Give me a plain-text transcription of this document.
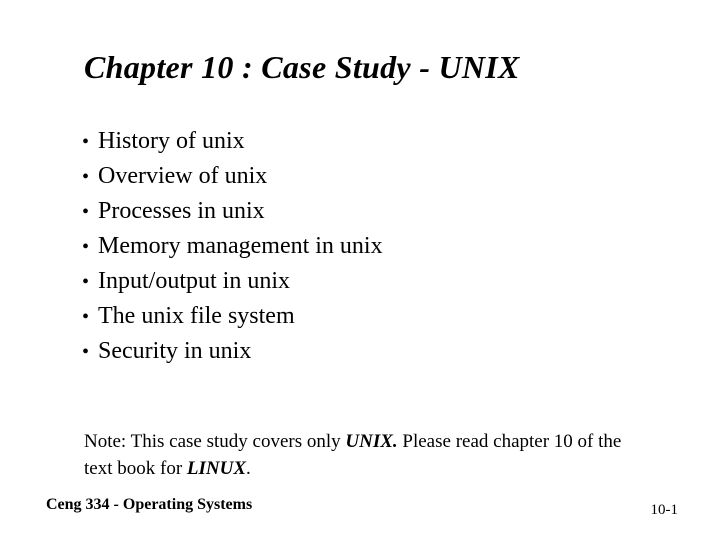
Chapter 10 : Case Study - UNIX
• History of unix
• Overview of unix
• Processes in unix
• Memory management in unix
• Input/output in unix
• The unix file system
• Security in unix
Note: This case study covers only UNIX. Please read chapter 10 of the text book for LINUX.
Ceng 334 - Operating Systems	10-1
